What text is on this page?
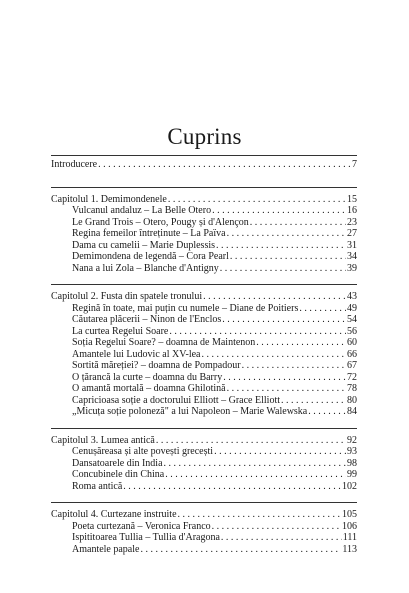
Cuprins
Introducere . . .	7
Capitolul 1. Demimondenele . . .	15
Vulcanul andaluz – La Belle Otero . . .	16
Le Grand Trois – Otero, Pougy și d'Alençon . . .	23
Regina femeilor întreținute – La Païva . . .	27
Dama cu camelii – Marie Duplessis . . .	31
Demimondena de legendă – Cora Pearl . . .	34
Nana a lui Zola – Blanche d'Antigny . . .	39
Capitolul 2. Fusta din spatele tronului . . .	43
Regină în toate, mai puțin cu numele – Diane de Poitiers . . .	49
Căutarea plăcerii – Ninon de l'Enclos . . .	54
La curtea Regelui Soare . . .	56
Soția Regelui Soare? – doamna de Maintenon . . .	60
Amantele lui Ludovic al XV-lea . . .	66
Sortită măreției? – doamna de Pompadour . . .	67
O țărancă la curte – doamna du Barry . . .	72
O amantă mortală – doamna Ghilotină . . .	78
Capricioasa soție a doctorului Elliott – Grace Elliott . . .	80
„Micuța soție poloneză" a lui Napoleon – Marie Walewska . . .	84
Capitolul 3. Lumea antică . . .	92
Cenușăreasa și alte povești grecești . . .	93
Dansatoarele din India . . .	98
Concubinele din China . . .	99
Roma antică . . .	102
Capitolul 4. Curtezane instruite . . .	105
Poeta curtezană – Veronica Franco . . .	106
Ispititoarea Tullia – Tullia d'Aragona . . .	111
Amantele papale . . .	113
